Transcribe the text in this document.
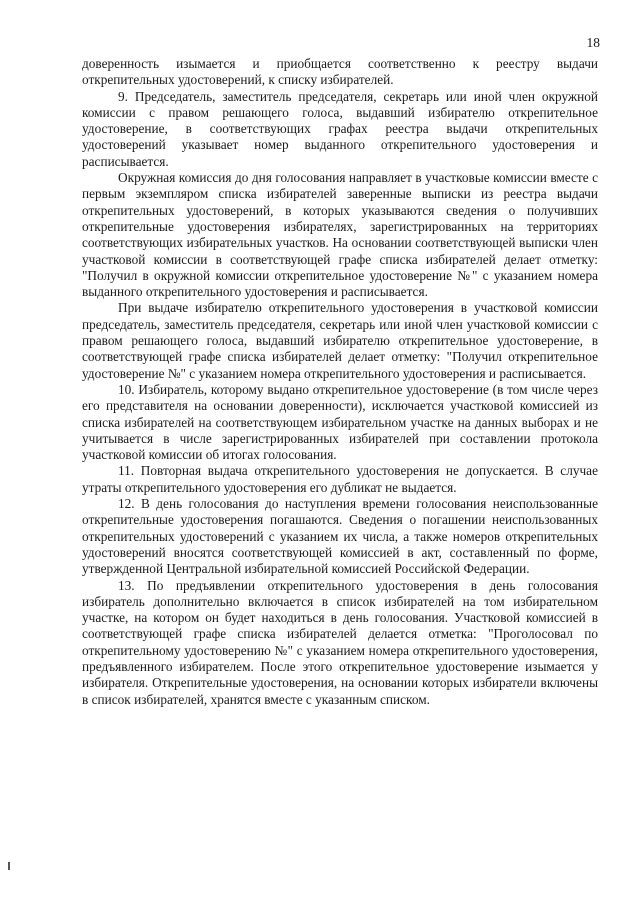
18

доверенность изымается и приобщается соответственно к реестру выдачи открепительных удостоверений, к списку избирателей.

9. Председатель, заместитель председателя, секретарь или иной член окружной комиссии с правом решающего голоса, выдавший избирателю открепительное удостоверение, в соответствующих графах реестра выдачи открепительных удостоверений указывает номер выданного открепительного удостоверения и расписывается.

Окружная комиссия до дня голосования направляет в участковые комиссии вместе с первым экземпляром списка избирателей заверенные выписки из реестра выдачи открепительных удостоверений, в которых указываются сведения о получивших открепительные удостоверения избирателях, зарегистрированных на территориях соответствующих избирательных участков. На основании соответствующей выписки член участковой комиссии в соответствующей графе списка избирателей делает отметку: "Получил в окружной комиссии открепительное удостоверение №" с указанием номера выданного открепительного удостоверения и расписывается.

При выдаче избирателю открепительного удостоверения в участковой комиссии председатель, заместитель председателя, секретарь или иной член участковой комиссии с правом решающего голоса, выдавший избирателю открепительное удостоверение, в соответствующей графе списка избирателей делает отметку: "Получил открепительное удостоверение №" с указанием номера открепительного удостоверения и расписывается.

10. Избиратель, которому выдано открепительное удостоверение (в том числе через его представителя на основании доверенности), исключается участковой комиссией из списка избирателей на соответствующем избирательном участке на данных выборах и не учитывается в числе зарегистрированных избирателей при составлении протокола участковой комиссии об итогах голосования.

11. Повторная выдача открепительного удостоверения не допускается. В случае утраты открепительного удостоверения его дубликат не выдается.

12. В день голосования до наступления времени голосования неиспользованные открепительные удостоверения погашаются. Сведения о погашении неиспользованных открепительных удостоверений с указанием их числа, а также номеров открепительных удостоверений вносятся соответствующей комиссией в акт, составленный по форме, утвержденной Центральной избирательной комиссией Российской Федерации.

13. По предъявлении открепительного удостоверения в день голосования избиратель дополнительно включается в список избирателей на том избирательном участке, на котором он будет находиться в день голосования. Участковой комиссией в соответствующей графе списка избирателей делается отметка: "Проголосовал по открепительному удостоверению №" с указанием номера открепительного удостоверения, предъявленного избирателем. После этого открепительное удостоверение изымается у избирателя. Открепительные удостоверения, на основании которых избиратели включены в список избирателей, хранятся вместе с указанным списком.
